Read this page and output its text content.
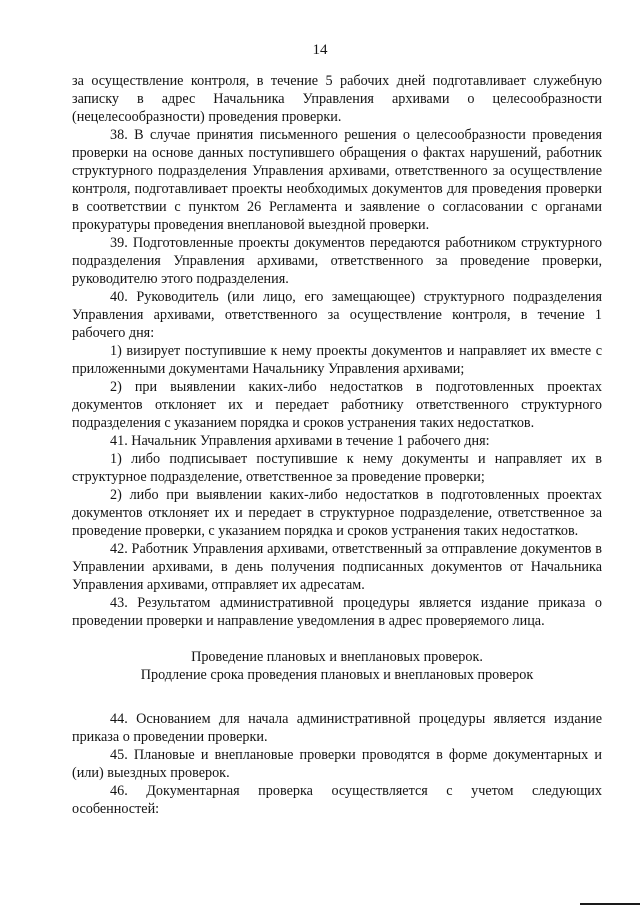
14

за осуществление контроля, в течение 5 рабочих дней подготавливает служебную записку в адрес Начальника Управления архивами о целесообразности (нецелесообразности) проведения проверки.

38. В случае принятия письменного решения о целесообразности проведения проверки на основе данных поступившего обращения о фактах нарушений, работник структурного подразделения Управления архивами, ответственного за осуществление контроля, подготавливает проекты необходимых документов для проведения проверки в соответствии с пунктом 26 Регламента и заявление о согласовании с органами прокуратуры проведения внеплановой выездной проверки.

39. Подготовленные проекты документов передаются работником структурного подразделения Управления архивами, ответственного за проведение проверки, руководителю этого подразделения.

40. Руководитель (или лицо, его замещающее) структурного подразделения Управления архивами, ответственного за осуществление контроля, в течение 1 рабочего дня:

1) визирует поступившие к нему проекты документов и направляет их вместе с приложенными документами Начальнику Управления архивами;

2) при выявлении каких-либо недостатков в подготовленных проектах документов отклоняет их и передает работнику ответственного структурного подразделения с указанием порядка и сроков устранения таких недостатков.

41. Начальник Управления архивами в течение 1 рабочего дня:

1) либо подписывает поступившие к нему документы и направляет их в структурное подразделение, ответственное за проведение проверки;

2) либо при выявлении каких-либо недостатков в подготовленных проектах документов отклоняет их и передает в структурное подразделение, ответственное за проведение проверки, с указанием порядка и сроков устранения таких недостатков.

42. Работник Управления архивами, ответственный за отправление документов в Управлении архивами, в день получения подписанных документов от Начальника Управления архивами, отправляет их адресатам.

43. Результатом административной процедуры является издание приказа о проведении проверки и направление уведомления в адрес проверяемого лица.

Проведение плановых и внеплановых проверок.
Продление срока проведения плановых и внеплановых проверок

44. Основанием для начала административной процедуры является издание приказа о проведении проверки.

45. Плановые и внеплановые проверки проводятся в форме документарных и (или) выездных проверок.

46. Документарная проверка осуществляется с учетом следующих особенностей:
